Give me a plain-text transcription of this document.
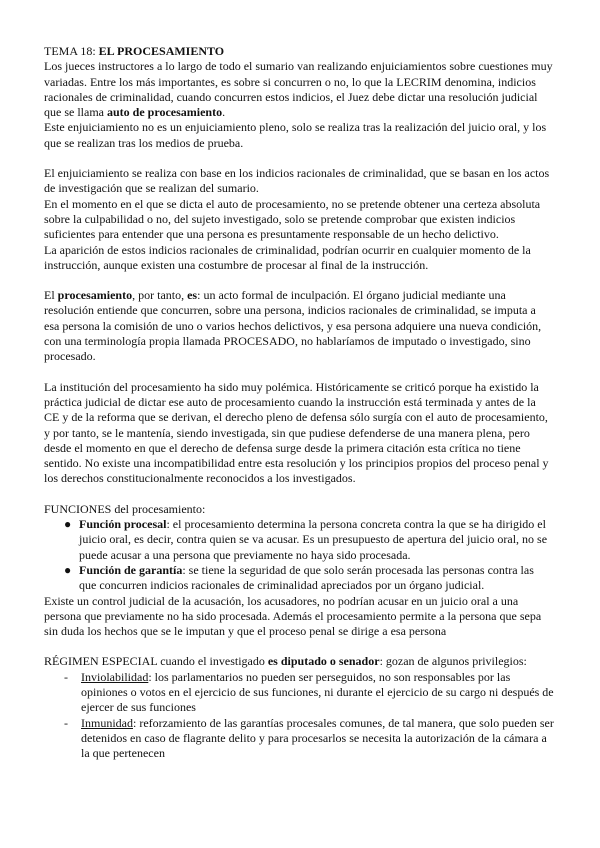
TEMA 18: EL PROCESAMIENTO

Los jueces instructores a lo largo de todo el sumario van realizando enjuiciamientos sobre cuestiones muy variadas. Entre los más importantes, es sobre si concurren o no, lo que la LECRIM denomina, indicios racionales de criminalidad, cuando concurren estos indicios, el Juez debe dictar una resolución judicial que se llama auto de procesamiento.

Este enjuiciamiento no es un enjuiciamiento pleno, solo se realiza tras la realización del juicio oral, y los que se realizan tras los medios de prueba.

El enjuiciamiento se realiza con base en los indicios racionales de criminalidad, que se basan en los actos de investigación que se realizan del sumario.

En el momento en el que se dicta el auto de procesamiento, no se pretende obtener una certeza absoluta sobre la culpabilidad o no, del sujeto investigado, solo se pretende comprobar que existen indicios suficientes para entender que una persona es presuntamente responsable de un hecho delictivo.

La aparición de estos indicios racionales de criminalidad, podrían ocurrir en cualquier momento de la instrucción, aunque existen una costumbre de procesar al final de la instrucción.

El procesamiento, por tanto, es: un acto formal de inculpación. El órgano judicial mediante una resolución entiende que concurren, sobre una persona, indicios racionales de criminalidad, se imputa a esa persona la comisión de uno o varios hechos delictivos, y esa persona adquiere una nueva condición, con una terminología propia llamada PROCESADO, no hablaríamos de imputado o investigado, sino procesado.

La institución del procesamiento ha sido muy polémica. Históricamente se criticó porque ha existido la práctica judicial de dictar ese auto de procesamiento cuando la instrucción está terminada y antes de la CE y de la reforma que se derivan, el derecho pleno de defensa sólo surgía con el auto de procesamiento, y por tanto, se le mantenía, siendo investigada, sin que pudiese defenderse de una manera plena, pero desde el momento en que el derecho de defensa surge desde la primera citación esta crítica no tiene sentido. No existe una incompatibilidad entre esta resolución y los principios propios del proceso penal y los derechos constitucionalmente reconocidos a los investigados.

FUNCIONES del procesamiento:

● Función procesal: el procesamiento determina la persona concreta contra la que se ha dirigido el juicio oral, es decir, contra quien se va acusar. Es un presupuesto de apertura del juicio oral, no se puede acusar a una persona que previamente no haya sido procesada.
● Función de garantía: se tiene la seguridad de que solo serán procesada las personas contra las que concurren indicios racionales de criminalidad apreciados por un órgano judicial.

Existe un control judicial de la acusación, los acusadores, no podrían acusar en un juicio oral a una persona que previamente no ha sido procesada. Además el procesamiento permite a la persona que sepa sin duda los hechos que se le imputan y que el proceso penal se dirige a esa persona

RÉGIMEN ESPECIAL cuando el investigado es diputado o senador: gozan de algunos privilegios:

- Inviolabilidad: los parlamentarios no pueden ser perseguidos, no son responsables por las opiniones o votos en el ejercicio de sus funciones, ni durante el ejercicio de su cargo ni después de ejercer de sus funciones
- Inmunidad: reforzamiento de las garantías procesales comunes, de tal manera, que solo pueden ser detenidos en caso de flagrante delito y para procesarlos se necesita la autorización de la cámara a la que pertenecen
